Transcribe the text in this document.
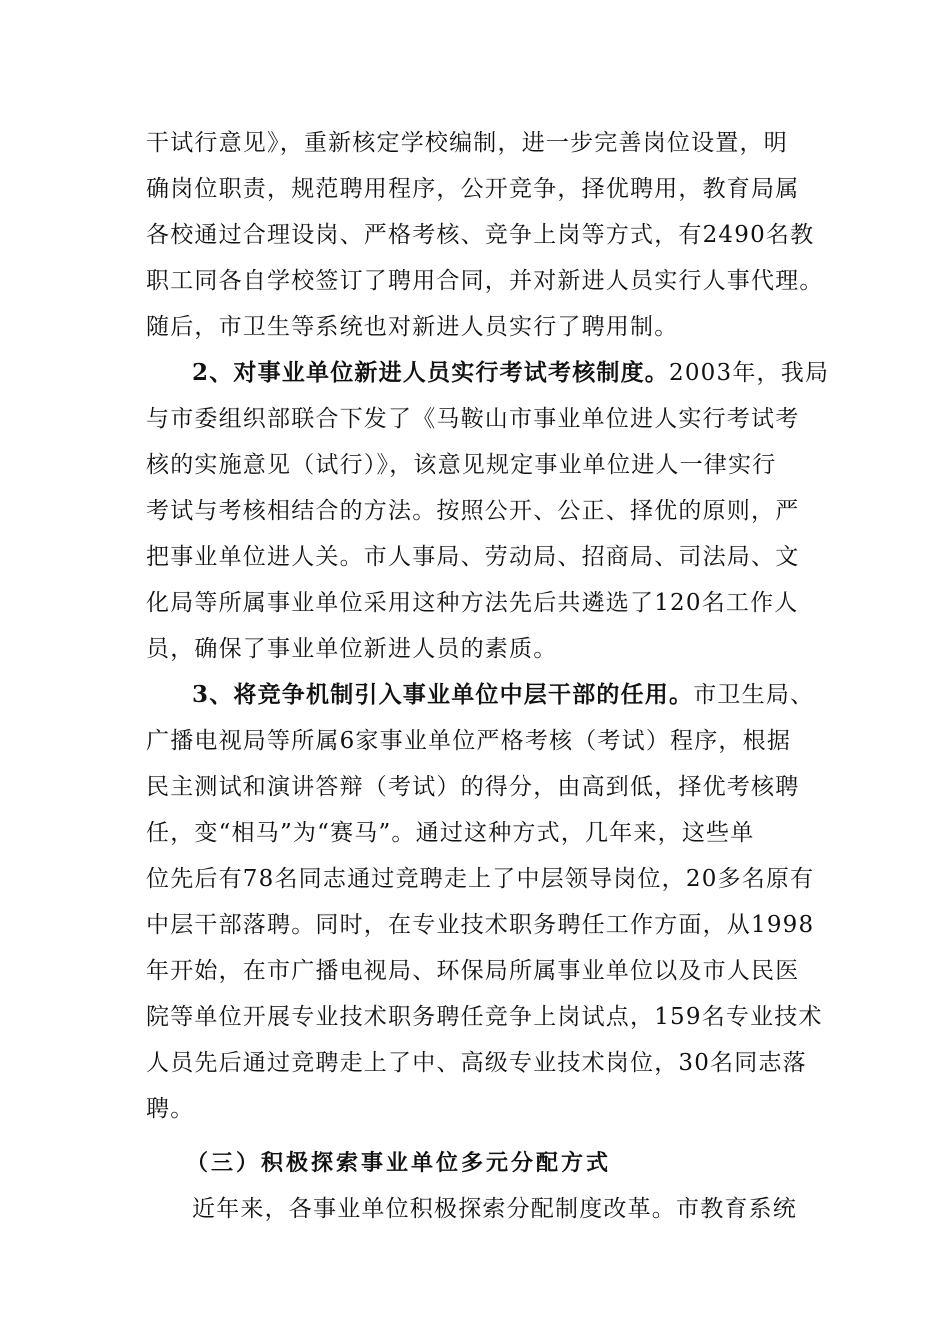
干试行意见》，重新核定学校编制，进一步完善岗位设置，明
确岗位职责，规范聘用程序，公开竞争，择优聘用，教育局属
各校通过合理设岗、严格考核、竞争上岗等方式，有2490名教
职工同各自学校签订了聘用合同，并对新进人员实行人事代理。
随后，市卫生等系统也对新进人员实行了聘用制。
2、对事业单位新进人员实行考试考核制度。2003年，我局
与市委组织部联合下发了《马鞍山市事业单位进人实行考试考
核的实施意见（试行）》，该意见规定事业单位进人一律实行
考试与考核相结合的方法。按照公开、公正、择优的原则，严
把事业单位进人关。市人事局、劳动局、招商局、司法局、文
化局等所属事业单位采用这种方法先后共遴选了120名工作人
员，确保了事业单位新进人员的素质。
3、将竞争机制引入事业单位中层干部的任用。市卫生局、
广播电视局等所属6家事业单位严格考核（考试）程序，根据
民主测试和演讲答辩（考试）的得分，由高到低，择优考核聘
任，变“相马”为“赛马”。通过这种方式，几年来，这些单
位先后有78名同志通过竞聘走上了中层领导岗位，20多名原有
中层干部落聘。同时，在专业技术职务聘任工作方面，从1998
年开始，在市广播电视局、环保局所属事业单位以及市人民医
院等单位开展专业技术职务聘任竞争上岗试点，159名专业技术
人员先后通过竞聘走上了中、高级专业技术岗位，30名同志落
聘。
（三）积极探索事业单位多元分配方式
近年来，各事业单位积极探索分配制度改革。市教育系统
